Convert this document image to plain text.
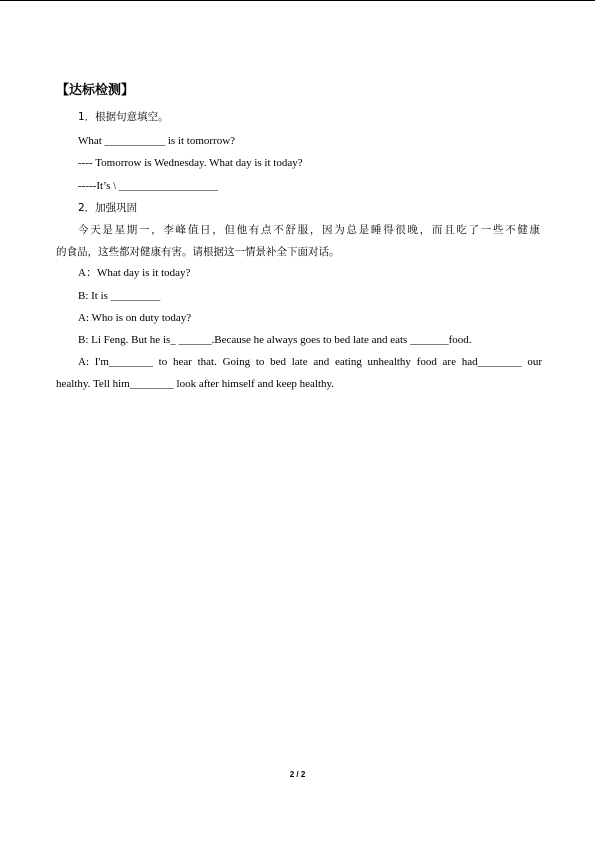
【达标检测】
1．根据句意填空。
What ___________ is it tomorrow?
---- Tomorrow is Wednesday. What day is it today?
-----It’s \ __________________
2．加强巩固
今天是星期一，李峰值日，但他有点不舒服，因为总是睡得很晚，而且吃了一些不健康
的食品，这些都对健康有害。请根据这一情景补全下面对话。
A：What day is it today?
B: It is _________
A: Who is on duty today?
B: Li Feng. But he is_ ______.Because he always goes to bed late and eats _______food.
A: I'm________ to hear that. Going to bed late and eating unhealthy food are had________ our
healthy. Tell him________ look after himself and keep healthy.
2 / 2
